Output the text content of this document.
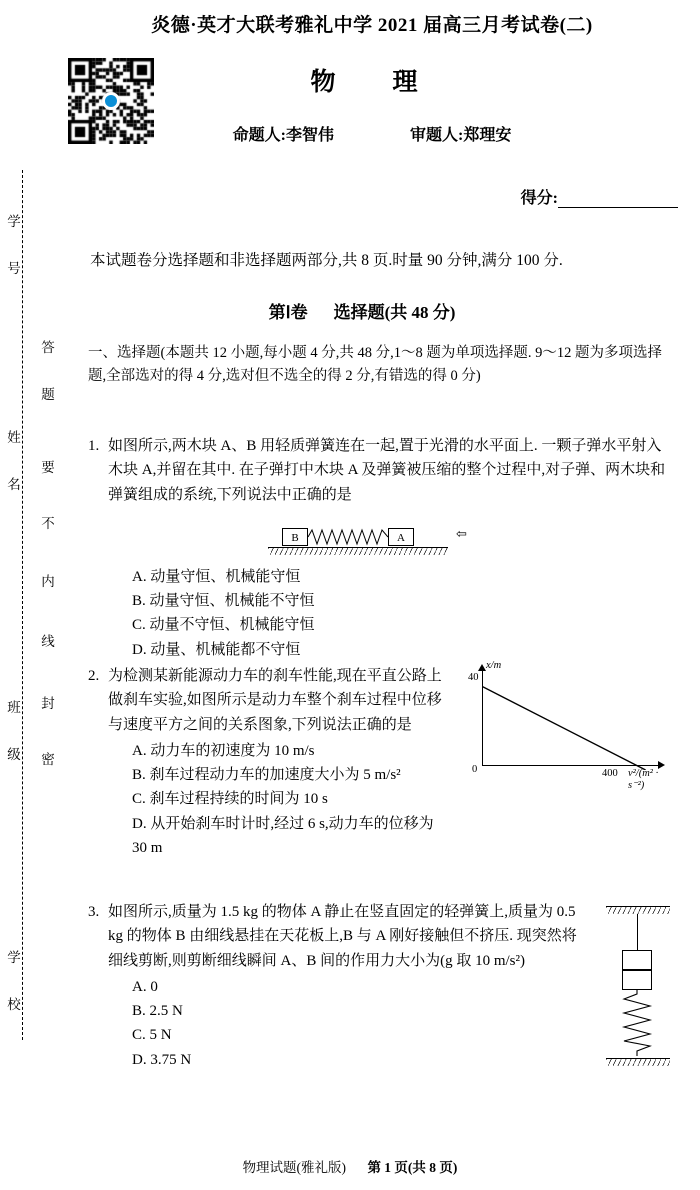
学　号
姓　名
班　级
学　校
答　题
要
不
内
线
封
密
炎德·英才大联考雅礼中学 2021 届高三月考试卷(二)
物　理
命题人:李智伟	审题人:郑理安
得分:
本试题卷分选择题和非选择题两部分,共 8 页.时量 90 分钟,满分 100 分.
第Ⅰ卷 选择题(共 48 分)
一、选择题(本题共 12 小题,每小题 4 分,共 48 分,1～8 题为单项选择题. 9～12 题为多项选择题,全部选对的得 4 分,选对但不选全的得 2 分,有错选的得 0 分)
1. 如图所示,两木块 A、B 用轻质弹簧连在一起,置于光滑的水平面上. 一颗子弹水平射入木块 A,并留在其中. 在子弹打中木块 A 及弹簧被压缩的整个过程中,对子弹、两木块和弹簧组成的系统,下列说法中正确的是
A. 动量守恒、机械能守恒
B. 动量守恒、机械能不守恒
C. 动量不守恒、机械能守恒
D. 动量、机械能都不守恒
B	A	⇦
2. 为检测某新能源动力车的刹车性能,现在平直公路上做刹车实验,如图所示是动力车整个刹车过程中位移与速度平方之间的关系图象,下列说法正确的是
A. 动力车的初速度为 10 m/s
B. 刹车过程动力车的加速度大小为 5 m/s²
C. 刹车过程持续的时间为 10 s
D. 从开始刹车时计时,经过 6 s,动力车的位移为 30 m
x/m
v²/(m² · s⁻²)
40
0	400
3. 如图所示,质量为 1.5 kg 的物体 A 静止在竖直固定的轻弹簧上,质量为 0.5 kg 的物体 B 由细线悬挂在天花板上,B 与 A 刚好接触但不挤压. 现突然将细线剪断,则剪断细线瞬间 A、B 间的作用力大小为(g 取 10 m/s²)
A. 0
B. 2.5 N
C. 5 N
D. 3.75 N
物理试题(雅礼版) 第 1 页(共 8 页)
